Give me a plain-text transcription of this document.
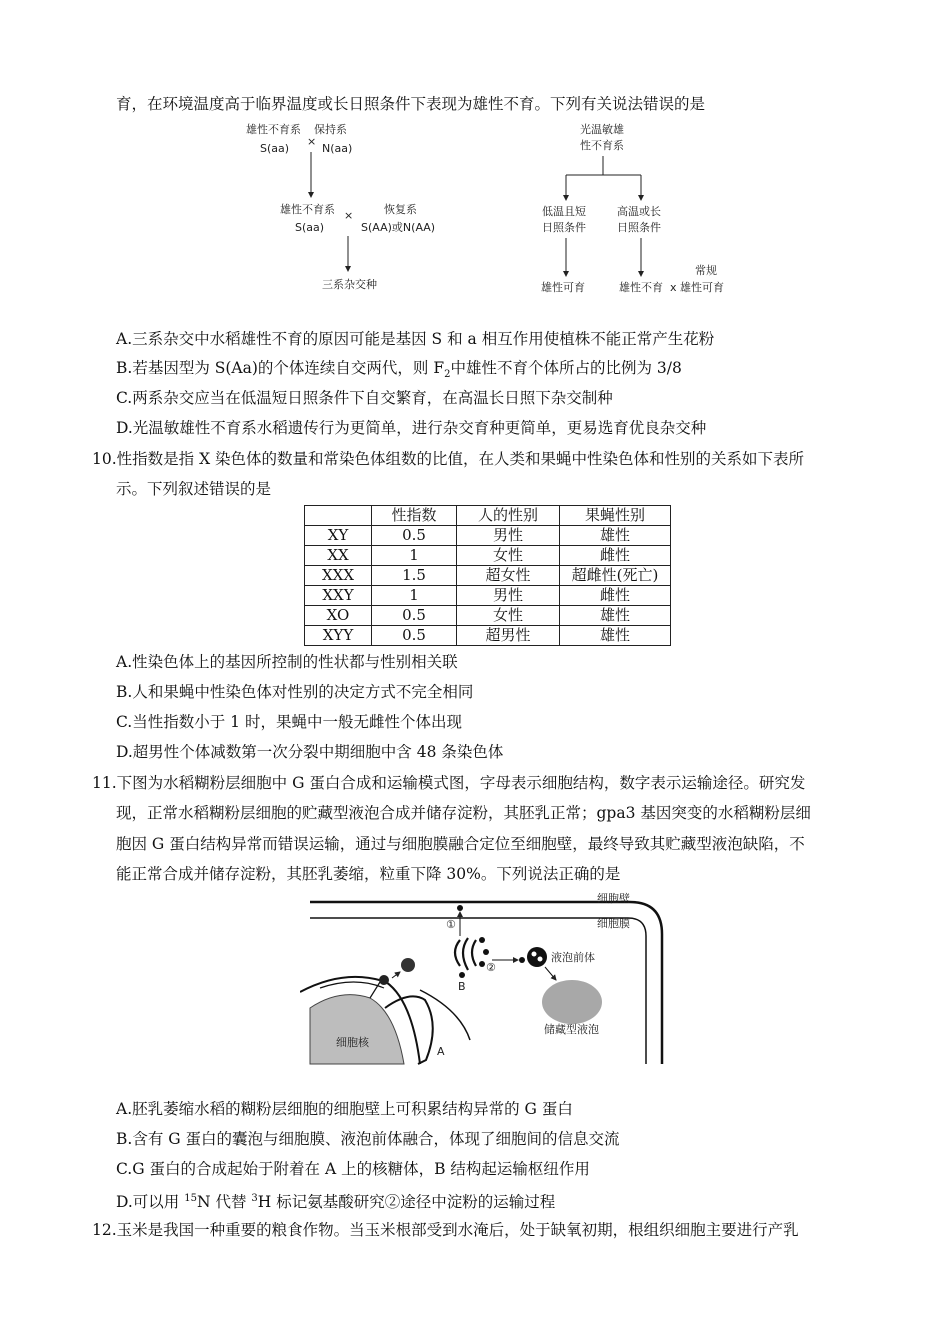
育，在环境温度高于临界温度或长日照条件下表现为雄性不育。下列有关说法错误的是
雄性不育系
×
保持系
S(aa)	N(aa)
雄性不育系 ×	恢复系
S(aa)	S(AA)或N(AA)
三系杂交种
光温敏雄
性不育系
低温且短
日照条件
高温或长
日照条件
雄性可育	雄性不育 x
常规
雄性可育
A.三系杂交中水稻雄性不育的原因可能是基因 S 和 a 相互作用使植株不能正常产生花粉
B.若基因型为 S(Aa)的个体连续自交两代，则 $F_2$中雄性不育个体所占的比例为 3/8
C.两系杂交应当在低温短日照条件下自交繁育，在高温长日照下杂交制种
D.光温敏雄性不育系水稻遗传行为更简单，进行杂交育种更简单，更易选育优良杂交种
10.性指数是指 X 染色体的数量和常染色体组数的比值，在人类和果蝇中性染色体和性别的关系如下表所
示。下列叙述错误的是
	性指数	人的性别	果蝇性别
XY	0.5	男性	雄性
XX	1	女性	雌性
XXX	1.5	超女性	超雌性(死亡)
XXY	1	男性	雌性
XO	0.5	女性	雄性
XYY	0.5	超男性	雄性
A.性染色体上的基因所控制的性状都与性别相关联
B.人和果蝇中性染色体对性别的决定方式不完全相同
C.当性指数小于 1 时，果蝇中一般无雌性个体出现
D.超男性个体减数第一次分裂中期细胞中含 48 条染色体
11.下图为水稻糊粉层细胞中 G 蛋白合成和运输模式图，字母表示细胞结构，数字表示运输途径。研究发
现，正常水稻糊粉层细胞的贮藏型液泡合成并储存淀粉，其胚乳正常；gpa3 基因突变的水稻糊粉层细
胞因 G 蛋白结构异常而错误运输，通过与细胞膜融合定位至细胞壁，最终导致其贮藏型液泡缺陷，不
能正常合成并储存淀粉，其胚乳萎缩，粒重下降 30%。下列说法正确的是
细胞壁
细胞膜
①
②
液泡前体
储藏型液泡
细胞核
A
B
A.胚乳萎缩水稻的糊粉层细胞的细胞壁上可积累结构异常的 G 蛋白
B.含有 G 蛋白的囊泡与细胞膜、液泡前体融合，体现了细胞间的信息交流
C.G 蛋白的合成起始于附着在 A 上的核糖体，B 结构起运输枢纽作用
D.可以用 $^{15}$N 代替 $^3$H 标记氨基酸研究②途径中淀粉的运输过程
12.玉米是我国一种重要的粮食作物。当玉米根部受到水淹后，处于缺氧初期，根组织细胞主要进行产乳
